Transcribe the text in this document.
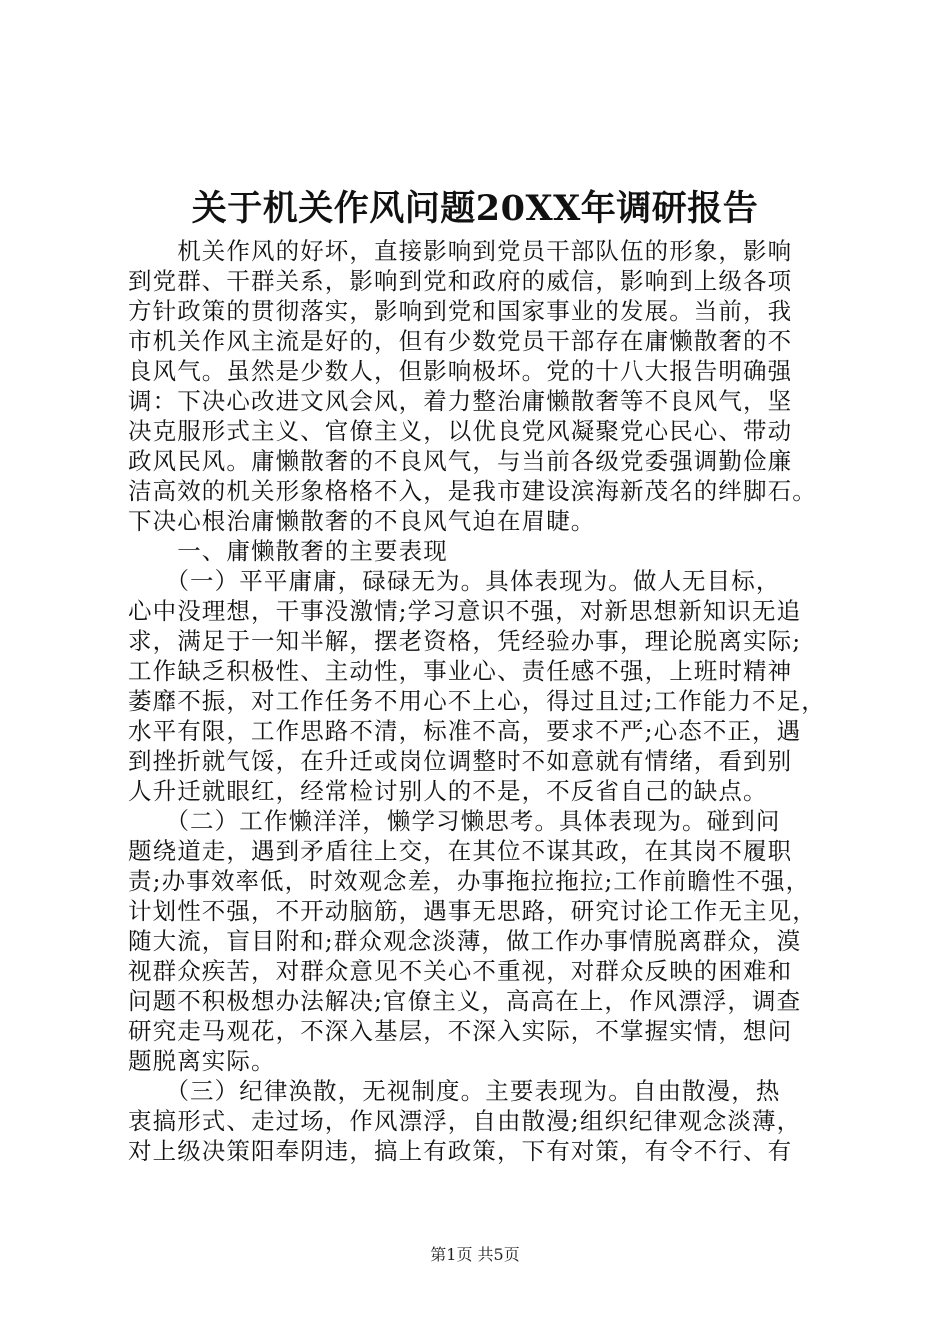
关于机关作风问题20XX年调研报告
　　机关作风的好坏，直接影响到党员干部队伍的形象，影响
到党群、干群关系，影响到党和政府的威信，影响到上级各项
方针政策的贯彻落实，影响到党和国家事业的发展。当前，我
市机关作风主流是好的，但有少数党员干部存在庸懒散奢的不
良风气。虽然是少数人，但影响极坏。党的十八大报告明确强
调：下决心改进文风会风，着力整治庸懒散奢等不良风气，坚
决克服形式主义、官僚主义，以优良党风凝聚党心民心、带动
政风民风。庸懒散奢的不良风气，与当前各级党委强调勤俭廉
洁高效的机关形象格格不入，是我市建设滨海新茂名的绊脚石。
下决心根治庸懒散奢的不良风气迫在眉睫。
　　一、庸懒散奢的主要表现
　　（一）平平庸庸，碌碌无为。具体表现为。做人无目标，
心中没理想，干事没激情;学习意识不强，对新思想新知识无追
求，满足于一知半解，摆老资格，凭经验办事，理论脱离实际;
工作缺乏积极性、主动性，事业心、责任感不强，上班时精神
萎靡不振，对工作任务不用心不上心，得过且过;工作能力不足，
水平有限，工作思路不清，标准不高，要求不严;心态不正，遇
到挫折就气馁，在升迁或岗位调整时不如意就有情绪，看到别
人升迁就眼红，经常检讨别人的不是，不反省自己的缺点。
　　（二）工作懒洋洋，懒学习懒思考。具体表现为。碰到问
题绕道走，遇到矛盾往上交，在其位不谋其政，在其岗不履职
责;办事效率低，时效观念差，办事拖拉拖拉;工作前瞻性不强，
计划性不强，不开动脑筋，遇事无思路，研究讨论工作无主见，
随大流，盲目附和;群众观念淡薄，做工作办事情脱离群众，漠
视群众疾苦，对群众意见不关心不重视，对群众反映的困难和
问题不积极想办法解决;官僚主义，高高在上，作风漂浮，调查
研究走马观花，不深入基层，不深入实际，不掌握实情，想问
题脱离实际。
　　（三）纪律涣散，无视制度。主要表现为。自由散漫，热
衷搞形式、走过场，作风漂浮，自由散漫;组织纪律观念淡薄，
对上级决策阳奉阴违，搞上有政策，下有对策，有令不行、有
第1页 共5页
